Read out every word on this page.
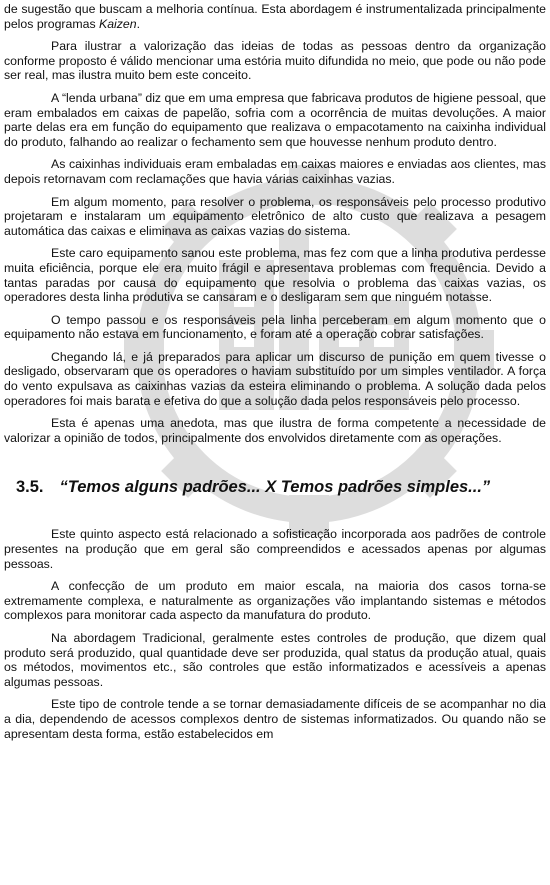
de sugestão que buscam a melhoria contínua. Esta abordagem é instrumentalizada principalmente pelos programas Kaizen.

Para ilustrar a valorização das ideias de todas as pessoas dentro da organização conforme proposto é válido mencionar uma estória muito difundida no meio, que pode ou não pode ser real, mas ilustra muito bem este conceito.

A “lenda urbana” diz que em uma empresa que fabricava produtos de higiene pessoal, que eram embalados em caixas de papelão, sofria com a ocorrência de muitas devoluções. A maior parte delas era em função do equipamento que realizava o empacotamento na caixinha individual do produto, falhando ao realizar o fechamento sem que houvesse nenhum produto dentro.

As caixinhas individuais eram embaladas em caixas maiores e enviadas aos clientes, mas depois retornavam com reclamações que havia várias caixinhas vazias.

Em algum momento, para resolver o problema, os responsáveis pelo processo produtivo projetaram e instalaram um equipamento eletrônico de alto custo que realizava a pesagem automática das caixas e eliminava as caixas vazias do sistema.

Este caro equipamento sanou este problema, mas fez com que a linha produtiva perdesse muita eficiência, porque ele era muito frágil e apresentava problemas com frequência. Devido a tantas paradas por causa do equipamento que resolvia o problema das caixas vazias, os operadores desta linha produtiva se cansaram e o desligaram sem que ninguém notasse.

O tempo passou e os responsáveis pela linha perceberam em algum momento que o equipamento não estava em funcionamento, e foram até a operação cobrar satisfações.

Chegando lá, e já preparados para aplicar um discurso de punição em quem tivesse o desligado, observaram que os operadores o haviam substituído por um simples ventilador. A força do vento expulsava as caixinhas vazias da esteira eliminando o problema. A solução dada pelos operadores foi mais barata e efetiva do que a solução dada pelos responsáveis pelo processo.

Esta é apenas uma anedota, mas que ilustra de forma competente a necessidade de valorizar a opinião de todos, principalmente dos envolvidos diretamente com as operações.

3.5. “Temos alguns padrões... X Temos padrões simples...”

Este quinto aspecto está relacionado a sofisticação incorporada aos padrões de controle presentes na produção que em geral são compreendidos e acessados apenas por algumas pessoas.

A confecção de um produto em maior escala, na maioria dos casos torna-se extremamente complexa, e naturalmente as organizações vão implantando sistemas e métodos complexos para monitorar cada aspecto da manufatura do produto.

Na abordagem Tradicional, geralmente estes controles de produção, que dizem qual produto será produzido, qual quantidade deve ser produzida, qual status da produção atual, quais os métodos, movimentos etc., são controles que estão informatizados e acessíveis a apenas algumas pessoas.

Este tipo de controle tende a se tornar demasiadamente difíceis de se acompanhar no dia a dia, dependendo de acessos complexos dentro de sistemas informatizados. Ou quando não se apresentam desta forma, estão estabelecidos em
